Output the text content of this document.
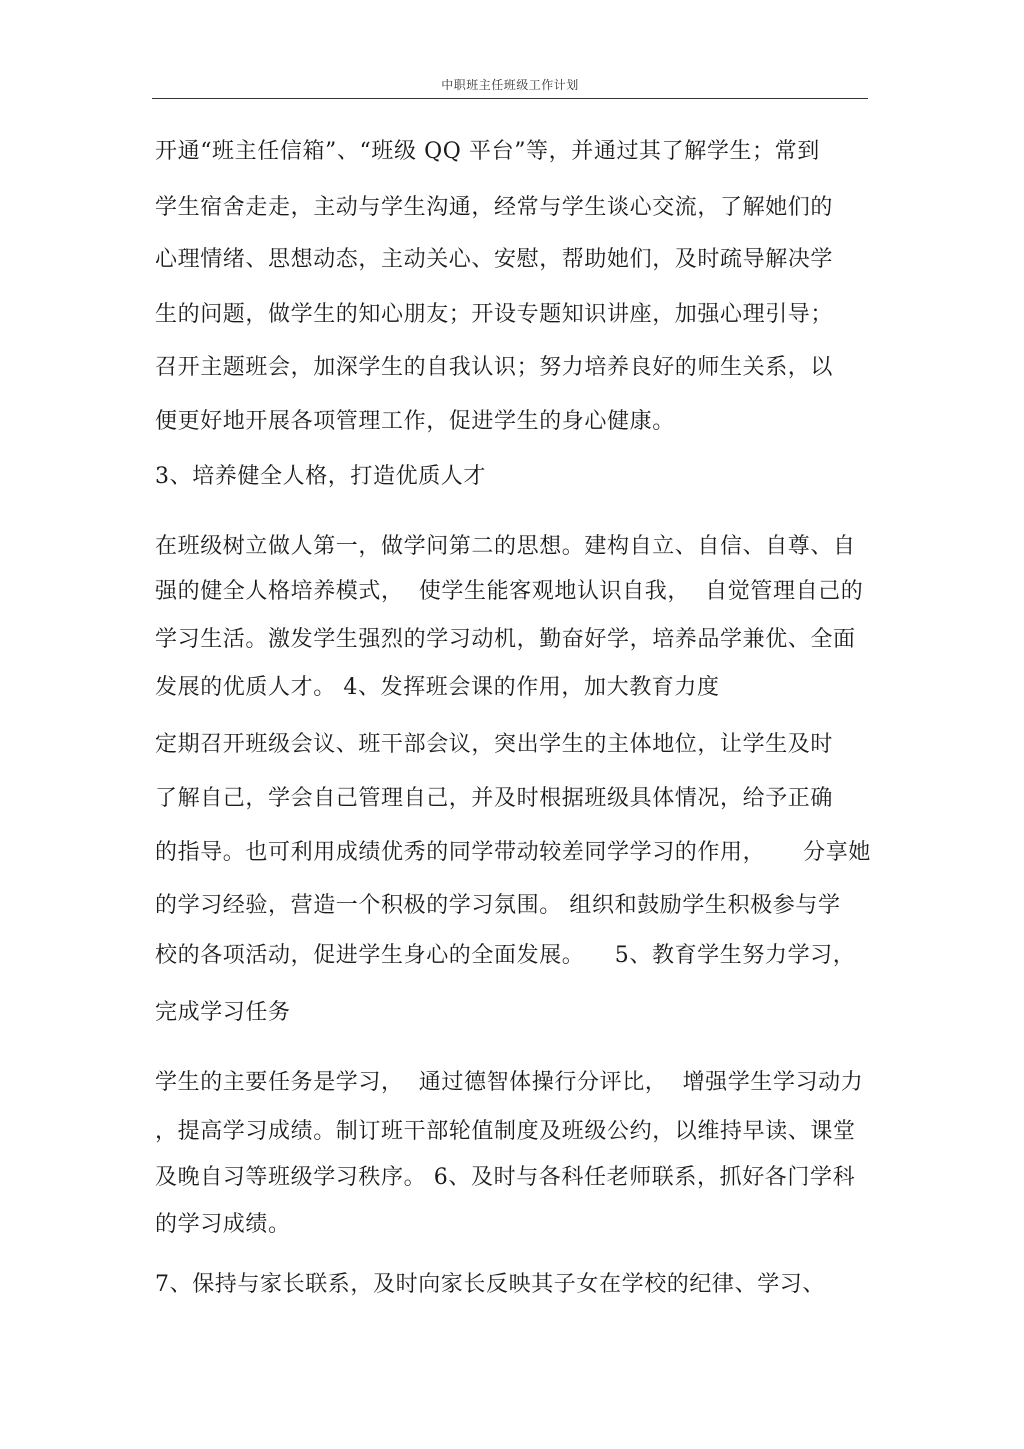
中职班主任班级工作计划
开通“班主任信箱”、“班级 QQ 平台”等，并通过其了解学生；常到
学生宿舍走走，主动与学生沟通，经常与学生谈心交流，了解她们的
心理情绪、思想动态，主动关心、安慰，帮助她们，及时疏导解决学
生的问题，做学生的知心朋友；开设专题知识讲座，加强心理引导；
召开主题班会，加深学生的自我认识；努力培养良好的师生关系，以
便更好地开展各项管理工作，促进学生的身心健康。
3、培养健全人格，打造优质人才
在班级树立做人第一，做学问第二的思想。建构自立、自信、自尊、自
强的健全人格培养模式，  使学生能客观地认识自我，  自觉管理自己的
学习生活。激发学生强烈的学习动机，勤奋好学，培养品学兼优、全面
发展的优质人才。 4、发挥班会课的作用，加大教育力度
定期召开班级会议、班干部会议，突出学生的主体地位，让学生及时
了解自己，学会自己管理自己，并及时根据班级具体情况，给予正确
的指导。也可利用成绩优秀的同学带动较差同学学习的作用，     分享她
的学习经验，营造一个积极的学习氛围。 组织和鼓励学生积极参与学
校的各项活动，促进学生身心的全面发展。    5、教育学生努力学习，
完成学习任务
学生的主要任务是学习，  通过德智体操行分评比，  增强学生学习动力
，提高学习成绩。制订班干部轮值制度及班级公约，以维持早读、课堂
及晚自习等班级学习秩序。 6、及时与各科任老师联系，抓好各门学科
的学习成绩。
7、保持与家长联系，及时向家长反映其子女在学校的纪律、学习、
